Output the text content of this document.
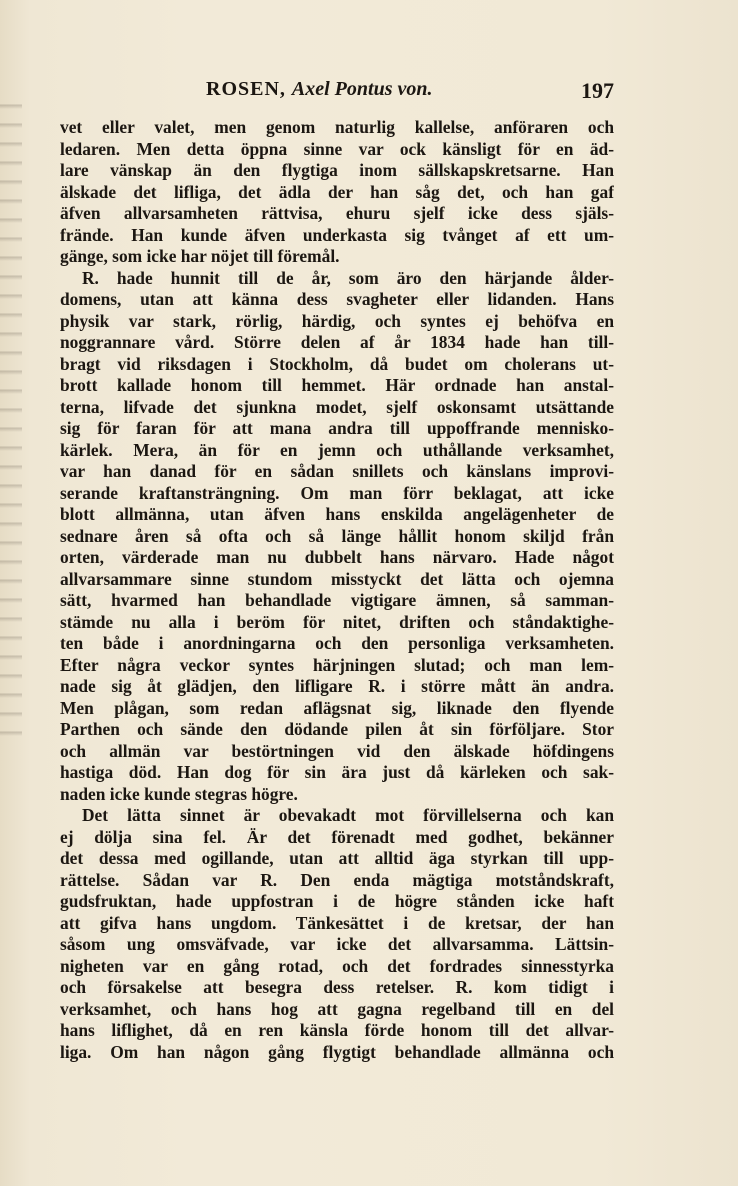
ROSEN, Axel Pontus von.	197
vet eller valet, men genom naturlig kallelse, anföraren och
ledaren. Men detta öppna sinne var ock känsligt för en äd-
lare vänskap än den flygtiga inom sällskapskretsarne. Han
älskade det lifliga, det ädla der han såg det, och han gaf
äfven allvarsamheten rättvisa, ehuru sjelf icke dess själs-
frände. Han kunde äfven underkasta sig tvånget af ett um-
gänge, som icke har nöjet till föremål.
R. hade hunnit till de år, som äro den härjande ålder-
domens, utan att känna dess svagheter eller lidanden. Hans
physik var stark, rörlig, härdig, och syntes ej behöfva en
noggrannare vård. Större delen af år 1834 hade han till-
bragt vid riksdagen i Stockholm, då budet om cholerans ut-
brott kallade honom till hemmet. Här ordnade han anstal-
terna, lifvade det sjunkna modet, sjelf oskonsamt utsättande
sig för faran för att mana andra till uppoffrande mennisko-
kärlek. Mera, än för en jemn och uthållande verksamhet,
var han danad för en sådan snillets och känslans improvi-
serande kraftansträngning. Om man förr beklagat, att icke
blott allmänna, utan äfven hans enskilda angelägenheter de
sednare åren så ofta och så länge hållit honom skiljd från
orten, värderade man nu dubbelt hans närvaro. Hade något
allvarsammare sinne stundom misstyckt det lätta och ojemna
sätt, hvarmed han behandlade vigtigare ämnen, så samman-
stämde nu alla i beröm för nitet, driften och ståndaktighe-
ten både i anordningarna och den personliga verksamheten.
Efter några veckor syntes härjningen slutad; och man lem-
nade sig åt glädjen, den lifligare R. i större mått än andra.
Men plågan, som redan aflägsnat sig, liknade den flyende
Parthen och sände den dödande pilen åt sin förföljare. Stor
och allmän var bestörtningen vid den älskade höfdingens
hastiga död. Han dog för sin ära just då kärleken och sak-
naden icke kunde stegras högre.
Det lätta sinnet är obevakadt mot förvillelserna och kan
ej dölja sina fel. Är det förenadt med godhet, bekänner
det dessa med ogillande, utan att alltid äga styrkan till upp-
rättelse. Sådan var R. Den enda mägtiga motståndskraft,
gudsfruktan, hade uppfostran i de högre stånden icke haft
att gifva hans ungdom. Tänkesättet i de kretsar, der han
såsom ung omsväfvade, var icke det allvarsamma. Lättsin-
nigheten var en gång rotad, och det fordrades sinnesstyrka
och försakelse att besegra dess retelser. R. kom tidigt i
verksamhet, och hans hog att gagna regelband till en del
hans liflighet, då en ren känsla förde honom till det allvar-
liga. Om han någon gång flygtigt behandlade allmänna och
